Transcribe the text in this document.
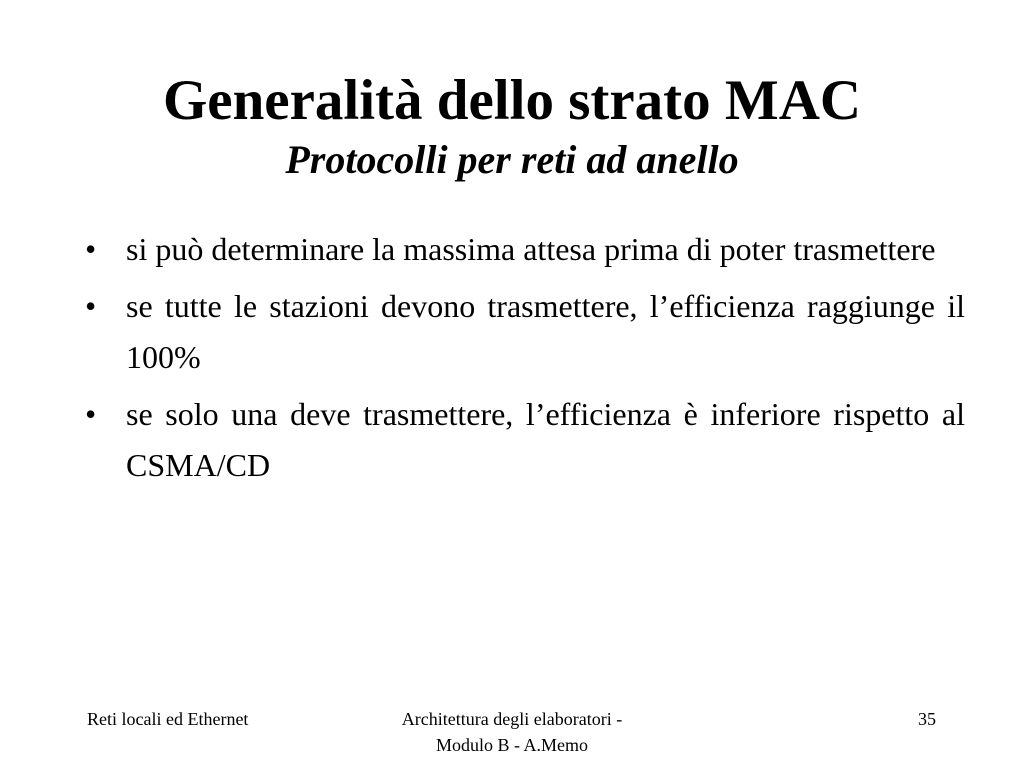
Generalità dello strato MAC
Protocolli per reti ad anello
• si può determinare la massima attesa prima di poter trasmettere
• se tutte le stazioni devono trasmettere, l’efficienza raggiunge il 100%
• se solo una deve trasmettere, l’efficienza è inferiore rispetto al CSMA/CD
Reti locali ed Ethernet	Architettura degli elaboratori -
Modulo B - A.Memo
35
